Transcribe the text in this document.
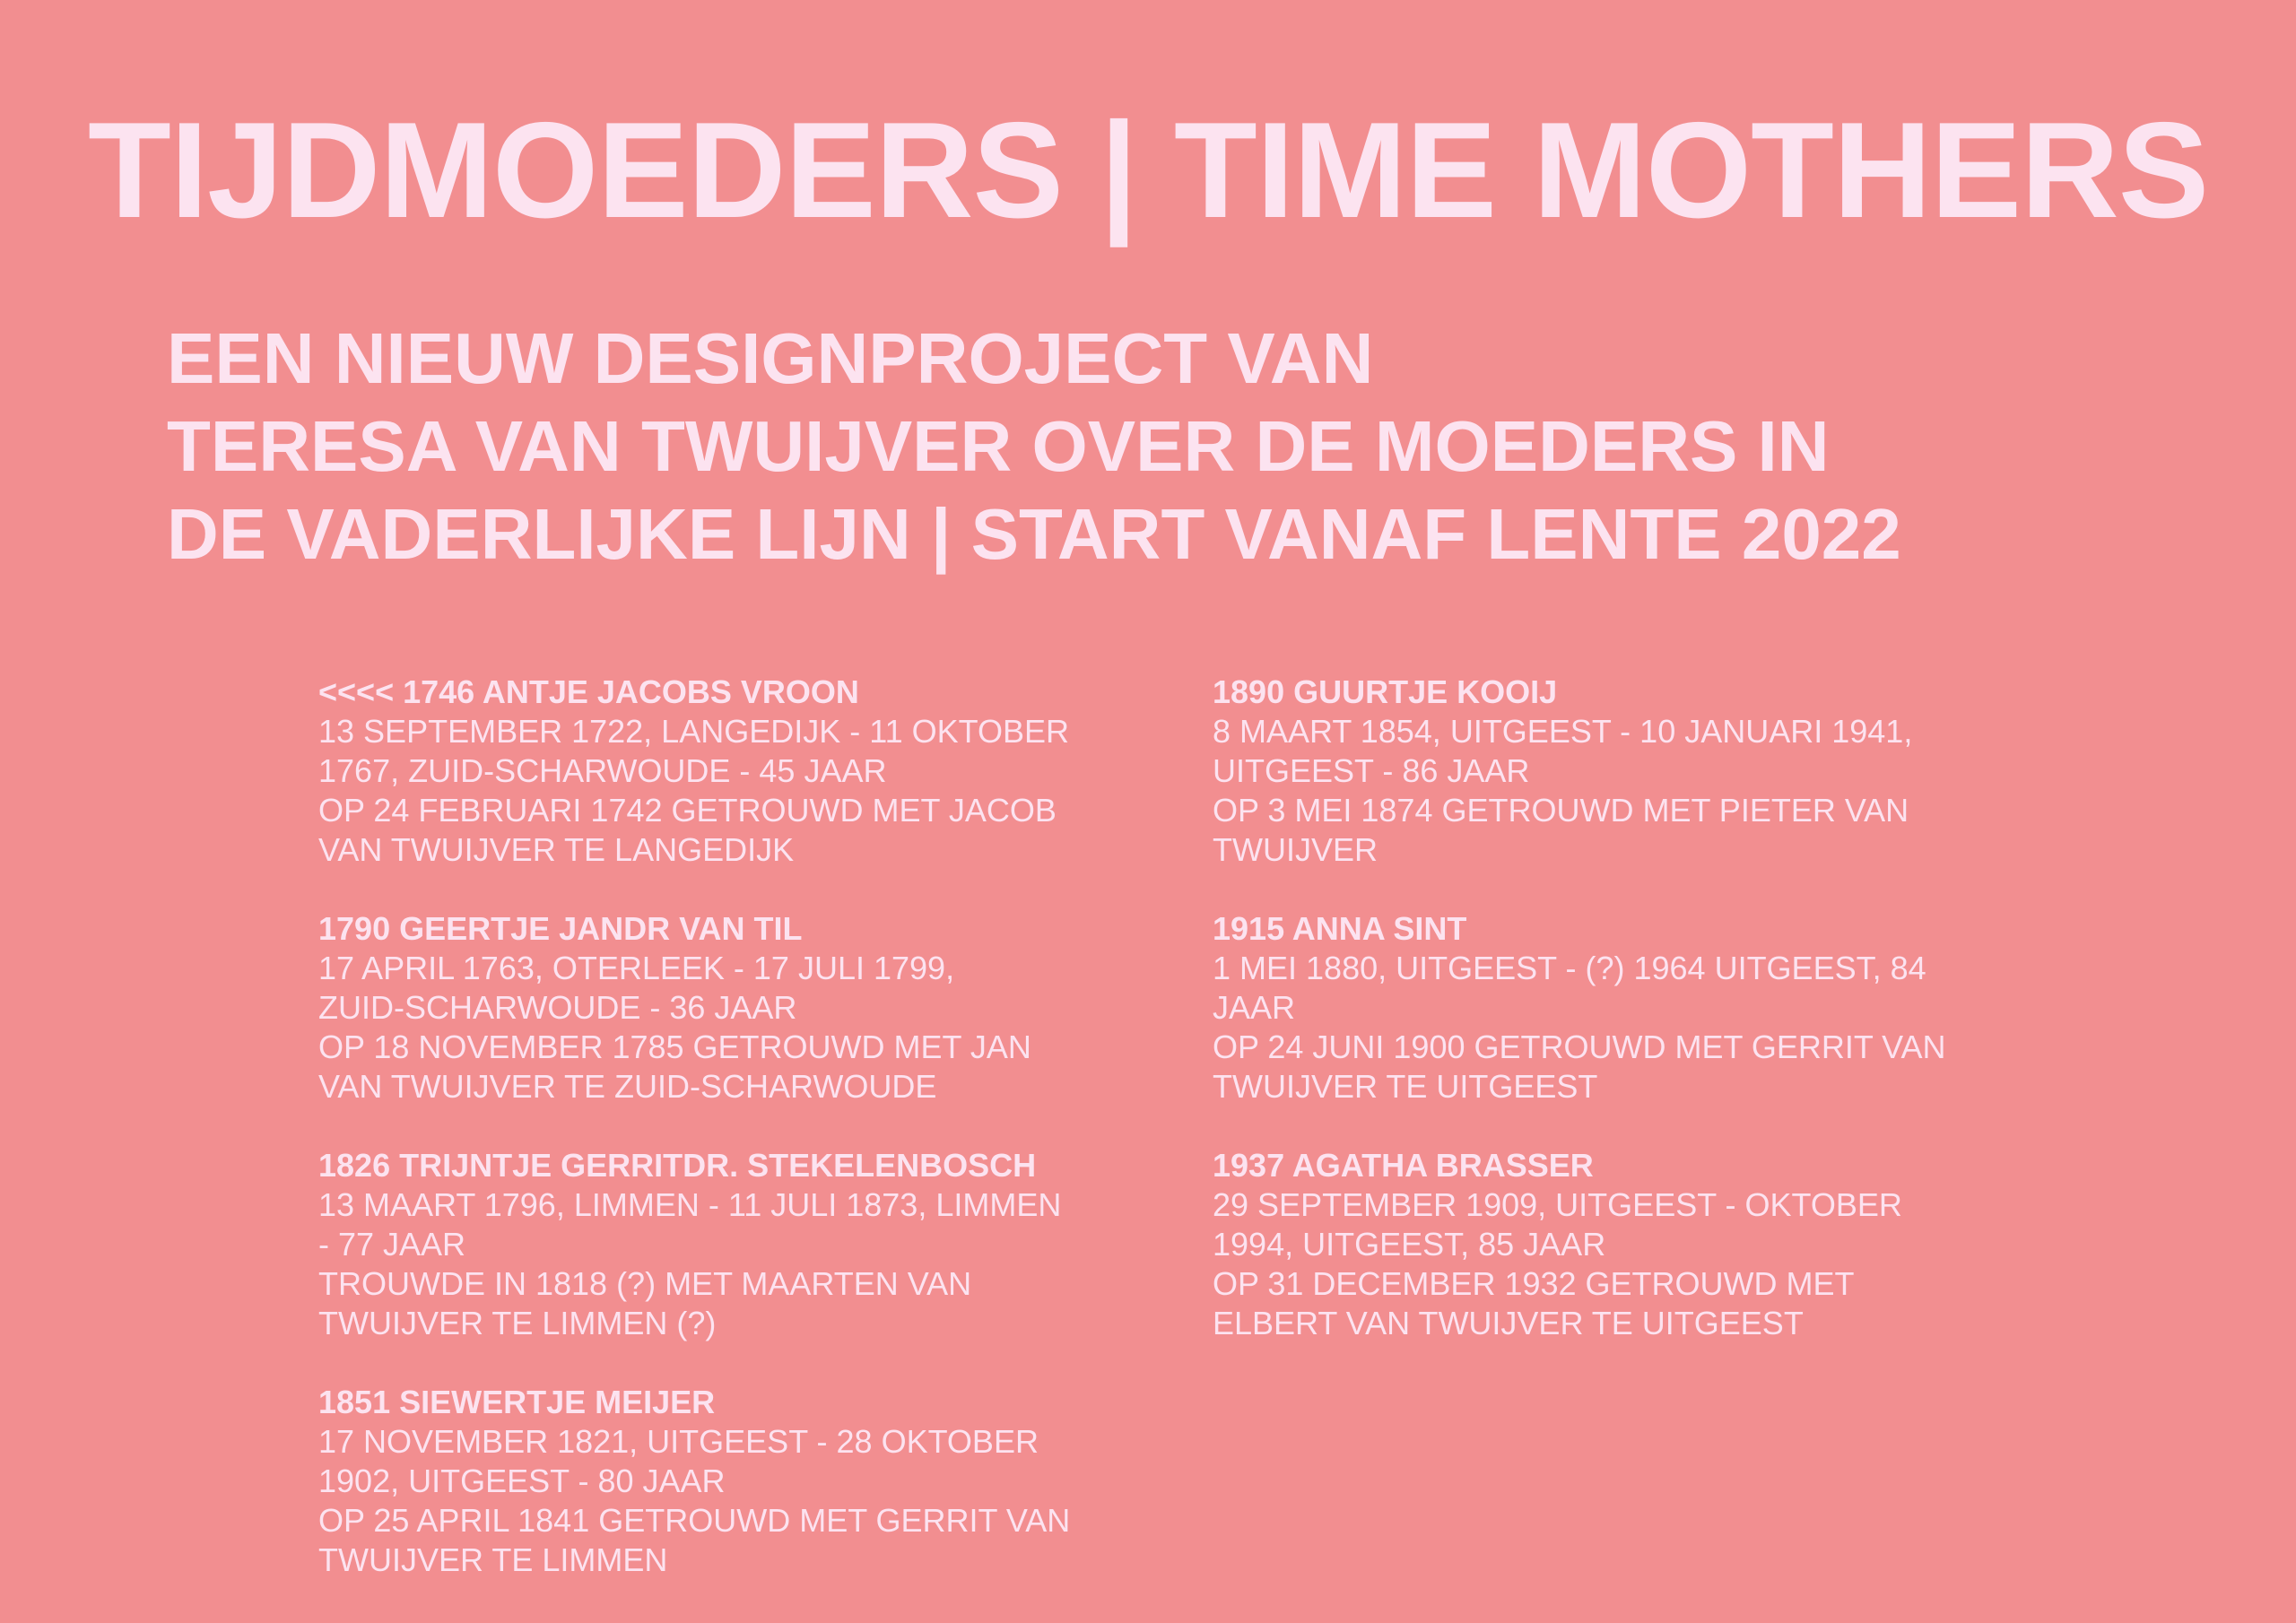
TIJDMOEDERS | TIME MOTHERS
EEN NIEUW DESIGNPROJECT VAN
TERESA VAN TWUIJVER OVER DE MOEDERS IN
DE VADERLIJKE LIJN | START VANAF LENTE 2022
<<<< 1746 ANTJE JACOBS VROON
13 SEPTEMBER 1722, LANGEDIJK - 11 OKTOBER
1767, ZUID-SCHARWOUDE - 45 JAAR
OP 24 FEBRUARI 1742 GETROUWD MET JACOB
VAN TWUIJVER TE LANGEDIJK
1790 GEERTJE JANDR VAN TIL
17 APRIL 1763, OTERLEEK - 17 JULI 1799,
ZUID-SCHARWOUDE - 36 JAAR
OP 18 NOVEMBER 1785 GETROUWD MET JAN
VAN TWUIJVER TE ZUID-SCHARWOUDE
1826 TRIJNTJE GERRITDR. STEKELENBOSCH
13 MAART 1796, LIMMEN - 11 JULI 1873, LIMMEN
- 77 JAAR
TROUWDE IN 1818 (?) MET MAARTEN VAN
TWUIJVER TE LIMMEN (?)
1851 SIEWERTJE MEIJER
17 NOVEMBER 1821, UITGEEST - 28 OKTOBER
1902, UITGEEST - 80 JAAR
OP 25 APRIL 1841 GETROUWD MET GERRIT VAN
TWUIJVER TE LIMMEN
1890 GUURTJE KOOIJ
8 MAART 1854, UITGEEST - 10 JANUARI 1941,
UITGEEST - 86 JAAR
OP 3 MEI 1874 GETROUWD MET PIETER VAN
TWUIJVER
1915 ANNA SINT
1 MEI 1880, UITGEEST - (?) 1964 UITGEEST, 84
JAAR
OP 24 JUNI 1900 GETROUWD MET GERRIT VAN
TWUIJVER TE UITGEEST
1937 AGATHA BRASSER
29 SEPTEMBER 1909, UITGEEST - OKTOBER
1994, UITGEEST, 85 JAAR
OP 31 DECEMBER 1932 GETROUWD MET
ELBERT VAN TWUIJVER TE UITGEEST
